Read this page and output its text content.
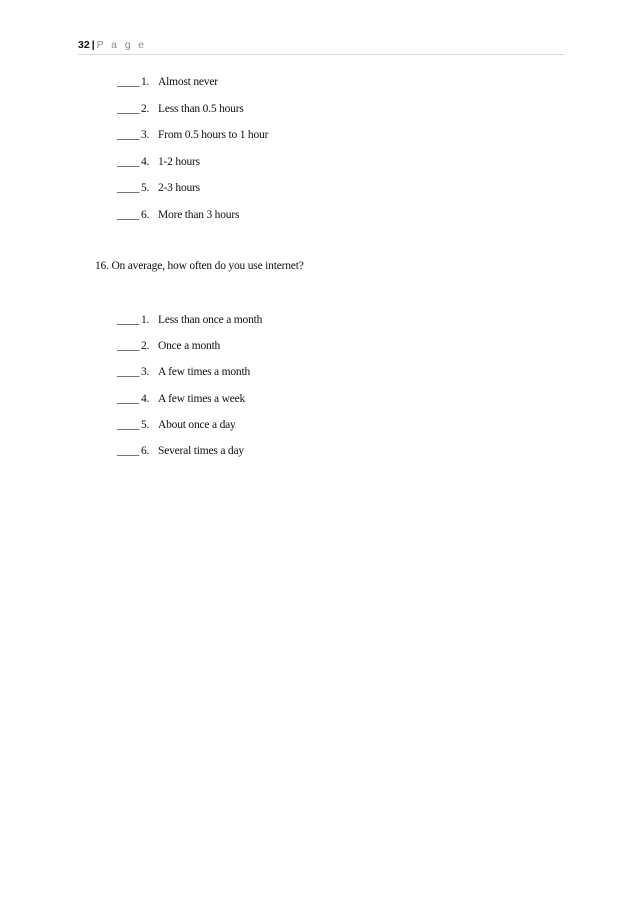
32 | P a g e
____ 1. Almost never
____ 2. Less than 0.5 hours
____ 3. From 0.5 hours to 1 hour
____ 4. 1-2 hours
____ 5. 2-3 hours
____ 6. More than 3 hours
16. On average, how often do you use internet?
____ 1. Less than once a month
____ 2. Once a month
____ 3. A few times a month
____ 4. A few times a week
____ 5. About once a day
____ 6. Several times a day
